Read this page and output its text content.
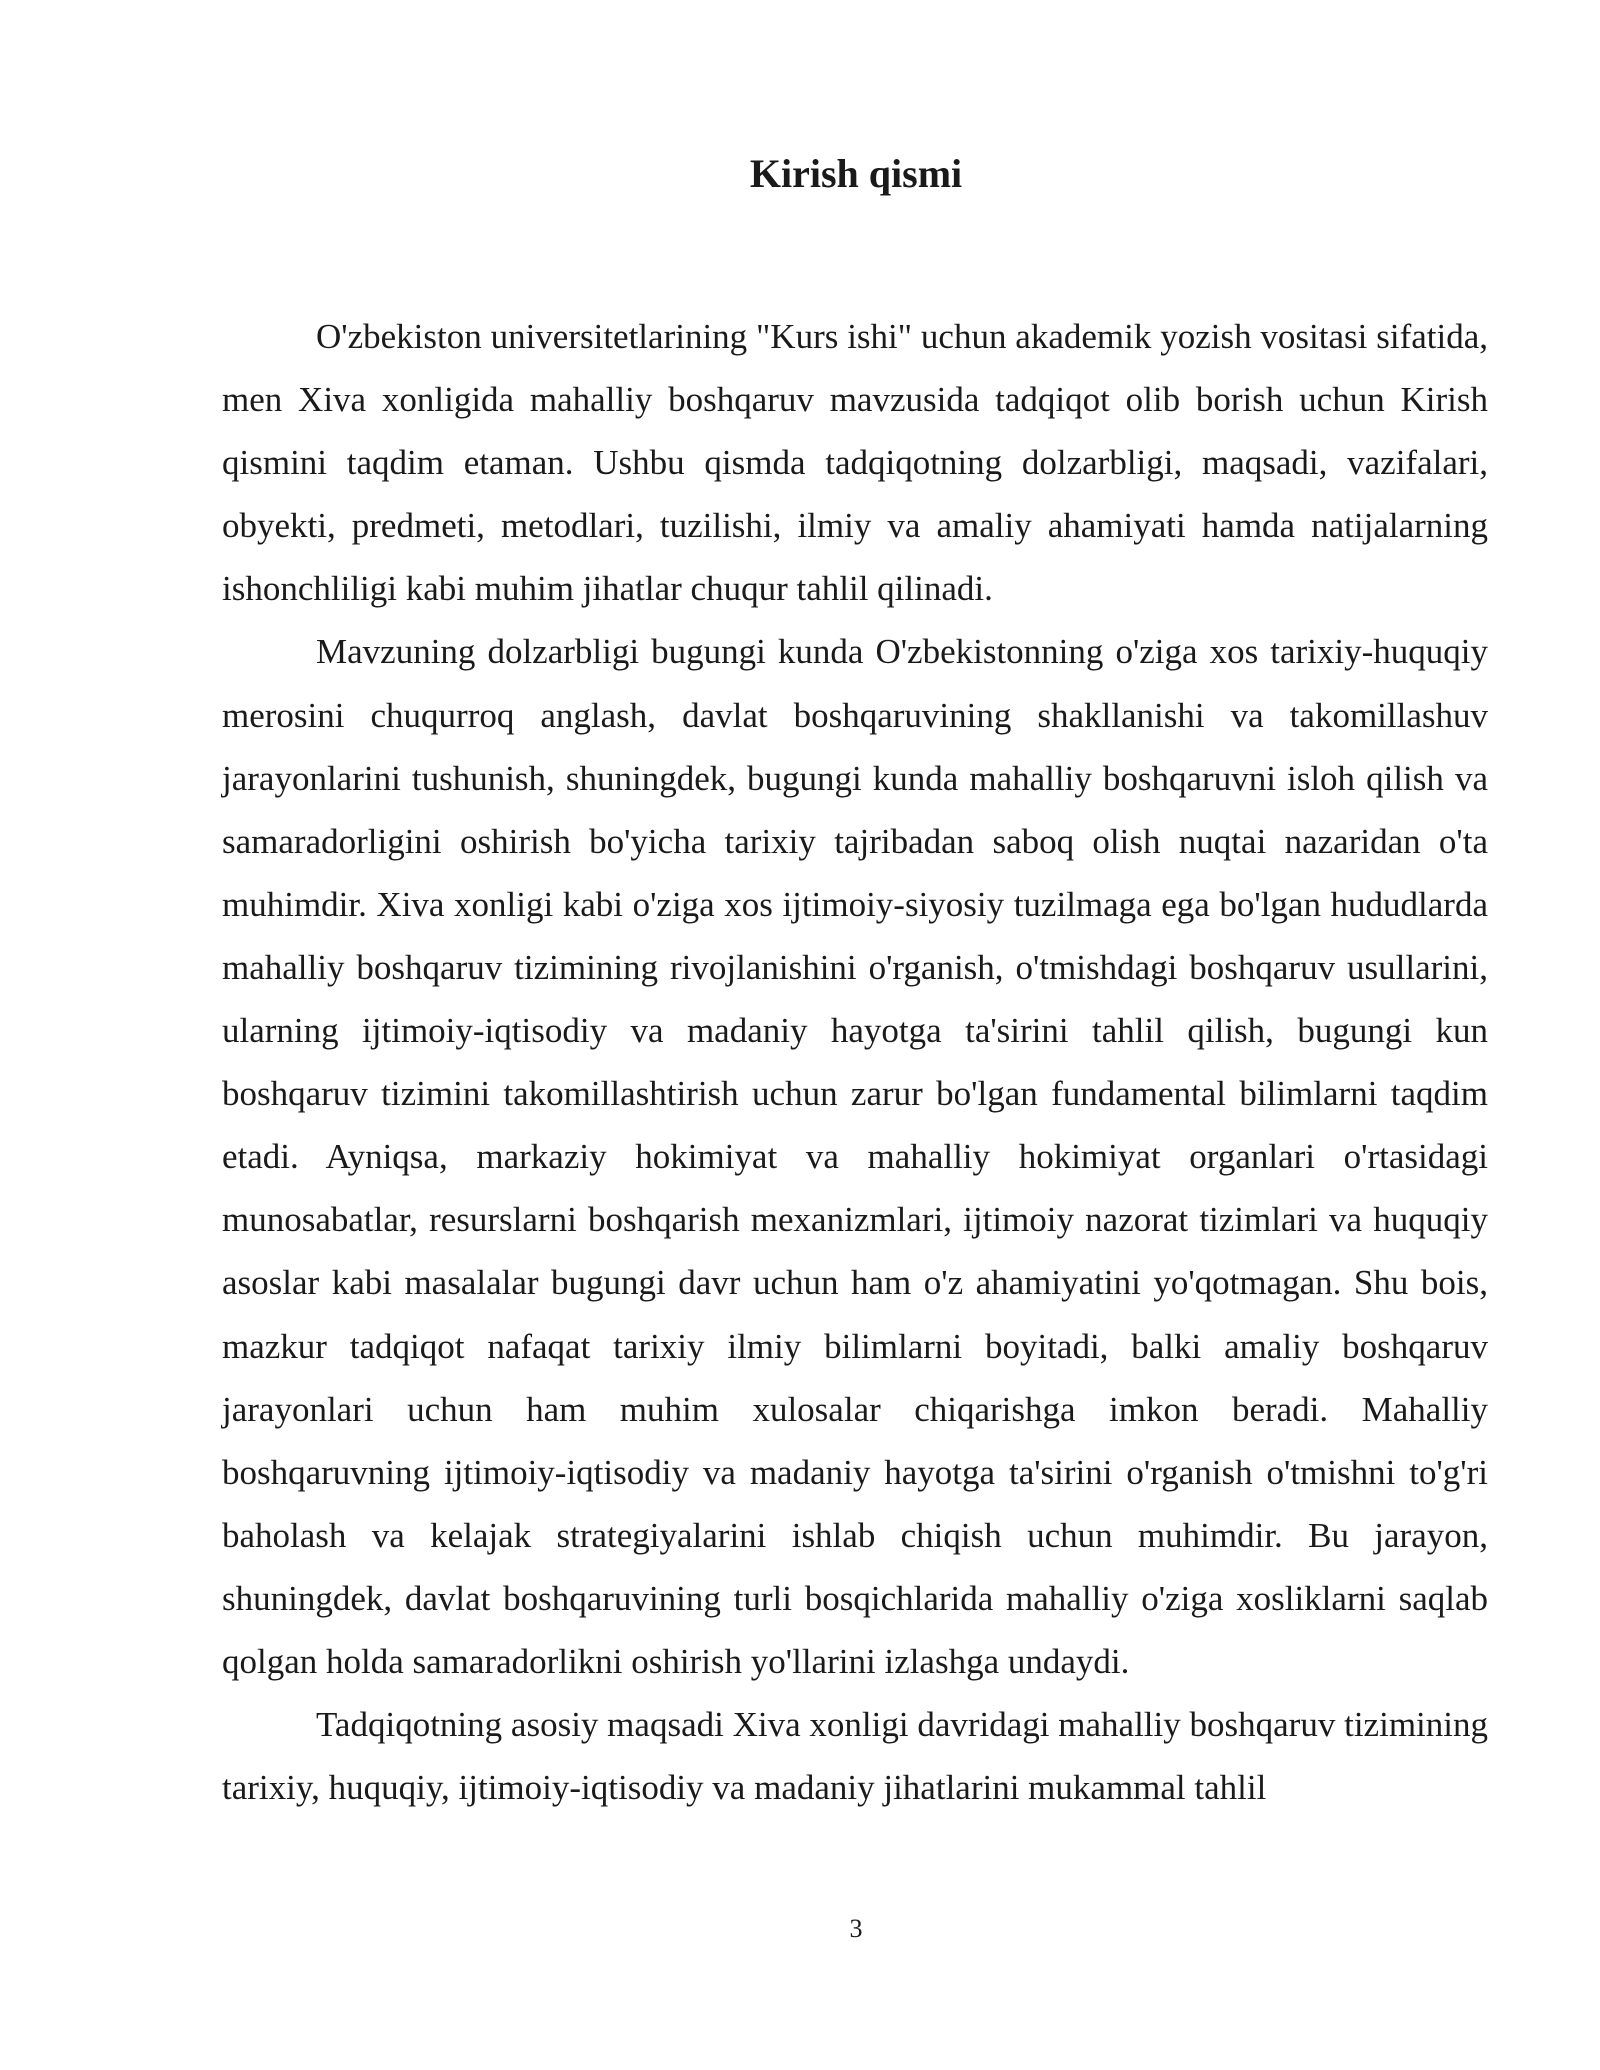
Kirish qismi

O'zbekiston universitetlarining "Kurs ishi" uchun akademik yozish vositasi sifatida, men Xiva xonligida mahalliy boshqaruv mavzusida tadqiqot olib borish uchun Kirish qismini taqdim etaman. Ushbu qismda tadqiqotning dolzarbligi, maqsadi, vazifalari, obyekti, predmeti, metodlari, tuzilishi, ilmiy va amaliy ahamiyati hamda natijalarning ishonchliligi kabi muhim jihatlar chuqur tahlil qilinadi.

Mavzuning dolzarbligi bugungi kunda O'zbekistonning o'ziga xos tarixiy-huquqiy merosini chuqurroq anglash, davlat boshqaruvining shakllanishi va takomillashuv jarayonlarini tushunish, shuningdek, bugungi kunda mahalliy boshqaruvni isloh qilish va samaradorligini oshirish bo'yicha tarixiy tajribadan saboq olish nuqtai nazaridan o'ta muhimdir. Xiva xonligi kabi o'ziga xos ijtimoiy-siyosiy tuzilmaga ega bo'lgan hududlarda mahalliy boshqaruv tizimining rivojlanishini o'rganish, o'tmishdagi boshqaruv usullarini, ularning ijtimoiy-iqtisodiy va madaniy hayotga ta'sirini tahlil qilish, bugungi kun boshqaruv tizimini takomillashtirish uchun zarur bo'lgan fundamental bilimlarni taqdim etadi. Ayniqsa, markaziy hokimiyat va mahalliy hokimiyat organlari o'rtasidagi munosabatlar, resurslarni boshqarish mexanizmlari, ijtimoiy nazorat tizimlari va huquqiy asoslar kabi masalalar bugungi davr uchun ham o'z ahamiyatini yo'qotmagan. Shu bois, mazkur tadqiqot nafaqat tarixiy ilmiy bilimlarni boyitadi, balki amaliy boshqaruv jarayonlari uchun ham muhim xulosalar chiqarishga imkon beradi. Mahalliy boshqaruvning ijtimoiy-iqtisodiy va madaniy hayotga ta'sirini o'rganish o'tmishni to'g'ri baholash va kelajak strategiyalarini ishlab chiqish uchun muhimdir. Bu jarayon, shuningdek, davlat boshqaruvining turli bosqichlarida mahalliy o'ziga xosliklarni saqlab qolgan holda samaradorlikni oshirish yo'llarini izlashga undaydi.

Tadqiqotning asosiy maqsadi Xiva xonligi davridagi mahalliy boshqaruv tizimining tarixiy, huquqiy, ijtimoiy-iqtisodiy va madaniy jihatlarini mukammal tahlil

3
